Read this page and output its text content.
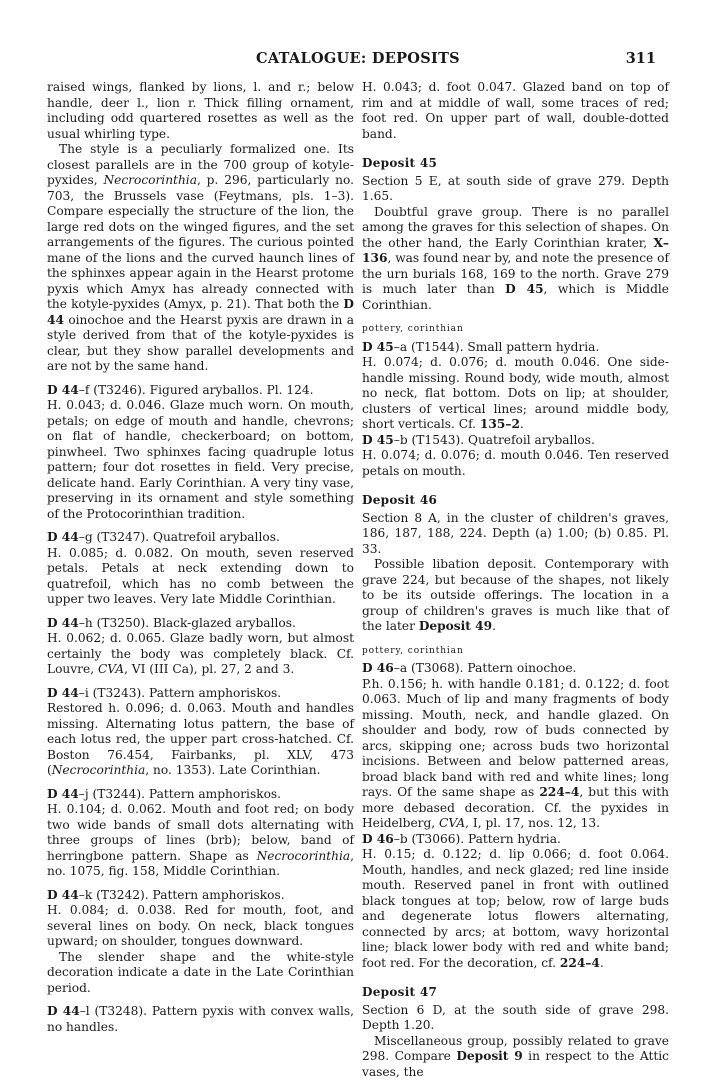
CATALOGUE: DEPOSITS	311

raised wings, flanked by lions, l. and r.; below handle, deer l., lion r. Thick filling ornament, including odd quartered rosettes as well as the usual whirling type.

The style is a peculiarly formalized one. Its closest parallels are in the 700 group of kotyle-pyxides, Necrocorinthia, p. 296, particularly no. 703, the Brussels vase (Feytmans, pls. 1–3). Compare especially the structure of the lion, the large red dots on the winged figures, and the set arrangements of the figures. The curious pointed mane of the lions and the curved haunch lines of the sphinxes appear again in the Hearst protome pyxis which Amyx has already connected with the kotyle-pyxides (Amyx, p. 21). That both the D 44 oinochoe and the Hearst pyxis are drawn in a style derived from that of the kotyle-pyxides is clear, but they show parallel developments and are not by the same hand.

D 44–f (T3246). Figured aryballos. Pl. 124.

H. 0.043; d. 0.046. Glaze much worn. On mouth, petals; on edge of mouth and handle, chevrons; on flat of handle, checkerboard; on bottom, pinwheel. Two sphinxes facing quadruple lotus pattern; four dot rosettes in field. Very precise, delicate hand. Early Corinthian. A very tiny vase, preserving in its ornament and style something of the Protocorinthian tradition.

D 44–g (T3247). Quatrefoil aryballos.

H. 0.085; d. 0.082. On mouth, seven reserved petals. Petals at neck extending down to quatrefoil, which has no comb between the upper two leaves. Very late Middle Corinthian.

D 44–h (T3250). Black-glazed aryballos.

H. 0.062; d. 0.065. Glaze badly worn, but almost certainly the body was completely black. Cf. Louvre, CVA, VI (III Ca), pl. 27, 2 and 3.

D 44–i (T3243). Pattern amphoriskos.

Restored h. 0.096; d. 0.063. Mouth and handles missing. Alternating lotus pattern, the base of each lotus red, the upper part cross-hatched. Cf. Boston 76.454, Fairbanks, pl. XLV, 473 (Necrocorinthia, no. 1353). Late Corinthian.

D 44–j (T3244). Pattern amphoriskos.

H. 0.104; d. 0.062. Mouth and foot red; on body two wide bands of small dots alternating with three groups of lines (brb); below, band of herringbone pattern. Shape as Necrocorinthia, no. 1075, fig. 158, Middle Corinthian.

D 44–k (T3242). Pattern amphoriskos.

H. 0.084; d. 0.038. Red for mouth, foot, and several lines on body. On neck, black tongues upward; on shoulder, tongues downward.

The slender shape and the white-style decoration indicate a date in the Late Corinthian period.

D 44–l (T3248). Pattern pyxis with convex walls, no handles.

H. 0.043; d. foot 0.047. Glazed band on top of rim and at middle of wall, some traces of red; foot red. On upper part of wall, double-dotted band.

Deposit 45

Section 5 E, at south side of grave 279. Depth 1.65.

Doubtful grave group. There is no parallel among the graves for this selection of shapes. On the other hand, the Early Corinthian krater, X–136, was found near by, and note the presence of the urn burials 168, 169 to the north. Grave 279 is much later than D 45, which is Middle Corinthian.

pottery, corinthian

D 45–a (T1544). Small pattern hydria.

H. 0.074; d. 0.076; d. mouth 0.046. One side-handle missing. Round body, wide mouth, almost no neck, flat bottom. Dots on lip; at shoulder, clusters of vertical lines; around middle body, short verticals. Cf. 135–2.

D 45–b (T1543). Quatrefoil aryballos.

H. 0.074; d. 0.076; d. mouth 0.046. Ten reserved petals on mouth.

Deposit 46

Section 8 A, in the cluster of children's graves, 186, 187, 188, 224. Depth (a) 1.00; (b) 0.85. Pl. 33.

Possible libation deposit. Contemporary with grave 224, but because of the shapes, not likely to be its outside offerings. The location in a group of children's graves is much like that of the later Deposit 49.

pottery, corinthian

D 46–a (T3068). Pattern oinochoe.

P.h. 0.156; h. with handle 0.181; d. 0.122; d. foot 0.063. Much of lip and many fragments of body missing. Mouth, neck, and handle glazed. On shoulder and body, row of buds connected by arcs, skipping one; across buds two horizontal incisions. Between and below patterned areas, broad black band with red and white lines; long rays. Of the same shape as 224–4, but this with more debased decoration. Cf. the pyxides in Heidelberg, CVA, I, pl. 17, nos. 12, 13.

D 46–b (T3066). Pattern hydria.

H. 0.15; d. 0.122; d. lip 0.066; d. foot 0.064. Mouth, handles, and neck glazed; red line inside mouth. Reserved panel in front with outlined black tongues at top; below, row of large buds and degenerate lotus flowers alternating, connected by arcs; at bottom, wavy horizontal line; black lower body with red and white band; foot red. For the decoration, cf. 224–4.

Deposit 47

Section 6 D, at the south side of grave 298. Depth 1.20.

Miscellaneous group, possibly related to grave 298. Compare Deposit 9 in respect to the Attic vases, the
